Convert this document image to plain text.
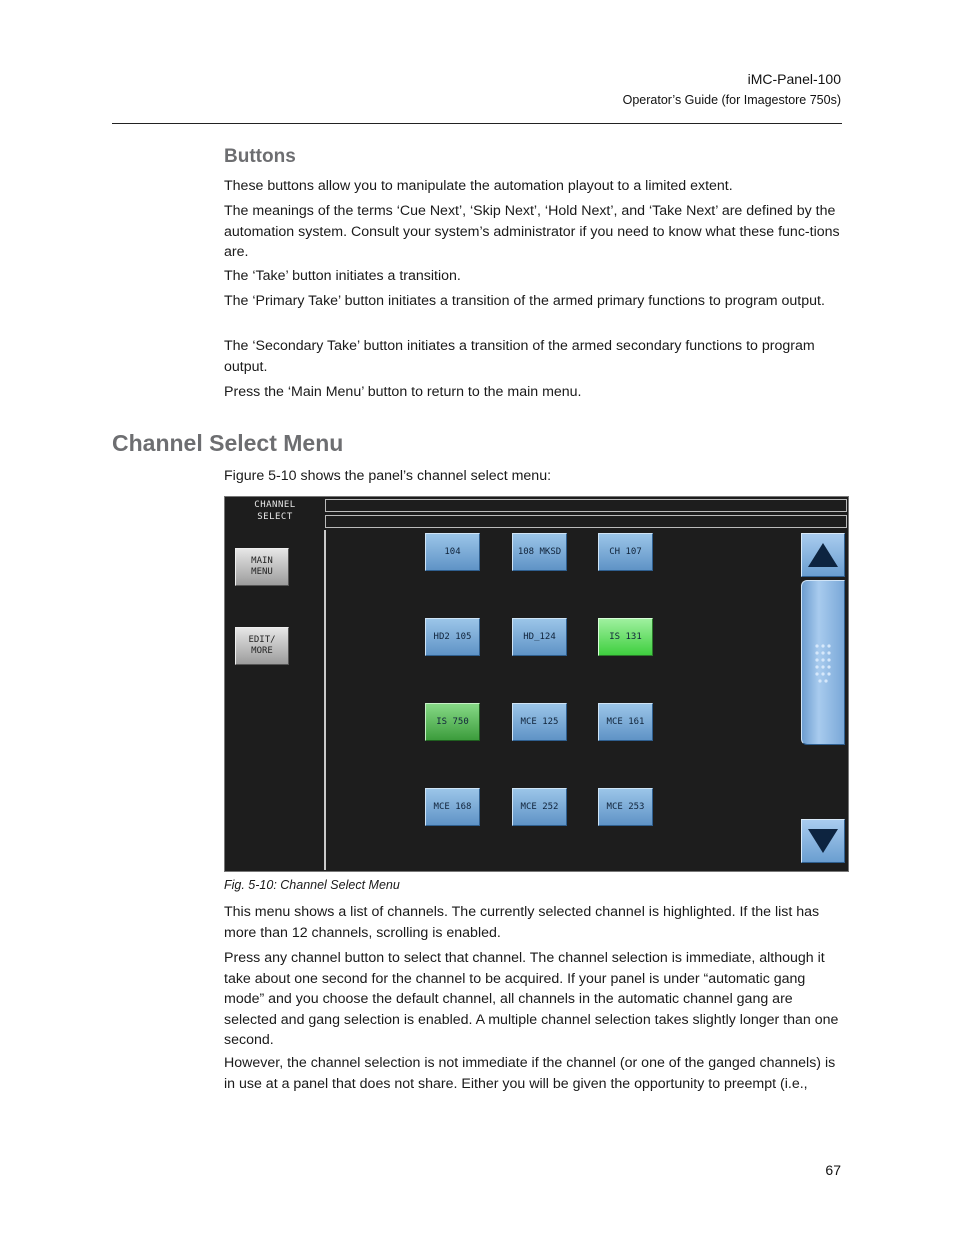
iMC-Panel-100
Operator’s Guide (for Imagestore 750s)
Buttons
These buttons allow you to manipulate the automation playout to a limited extent.
The meanings of the terms ‘Cue Next’, ‘Skip Next’, ‘Hold Next’, and ‘Take Next’ are defined by the automation system. Consult your system’s administrator if you need to know what these func-tions are.
The ‘Take’ button initiates a transition.
The ‘Primary Take’ button initiates a transition of the armed primary functions to program output.
The ‘Secondary Take’ button initiates a transition of the armed secondary functions to program output.
Press the ‘Main Menu’ button to return to the main menu.
Channel Select Menu
Figure 5-10 shows the panel’s channel select menu:
CHANNEL
SELECT
MAIN
MENU
EDIT/
MORE
104	108 MKSD	CH 107
HD2 105	HD_124	IS 131
IS 750	MCE 125	MCE 161
MCE 168	MCE 252	MCE 253
Fig. 5-10: Channel Select Menu
This menu shows a list of channels. The currently selected channel is highlighted. If the list has more than 12 channels, scrolling is enabled.
Press any channel button to select that channel. The channel selection is immediate, although it take about one second for the channel to be acquired. If your panel is under “automatic gang mode” and you choose the default channel, all channels in the automatic channel gang are selected and gang selection is enabled. A multiple channel selection takes slightly longer than one second.
However, the channel selection is not immediate if the channel (or one of the ganged channels) is in use at a panel that does not share. Either you will be given the opportunity to preempt (i.e.,
67
